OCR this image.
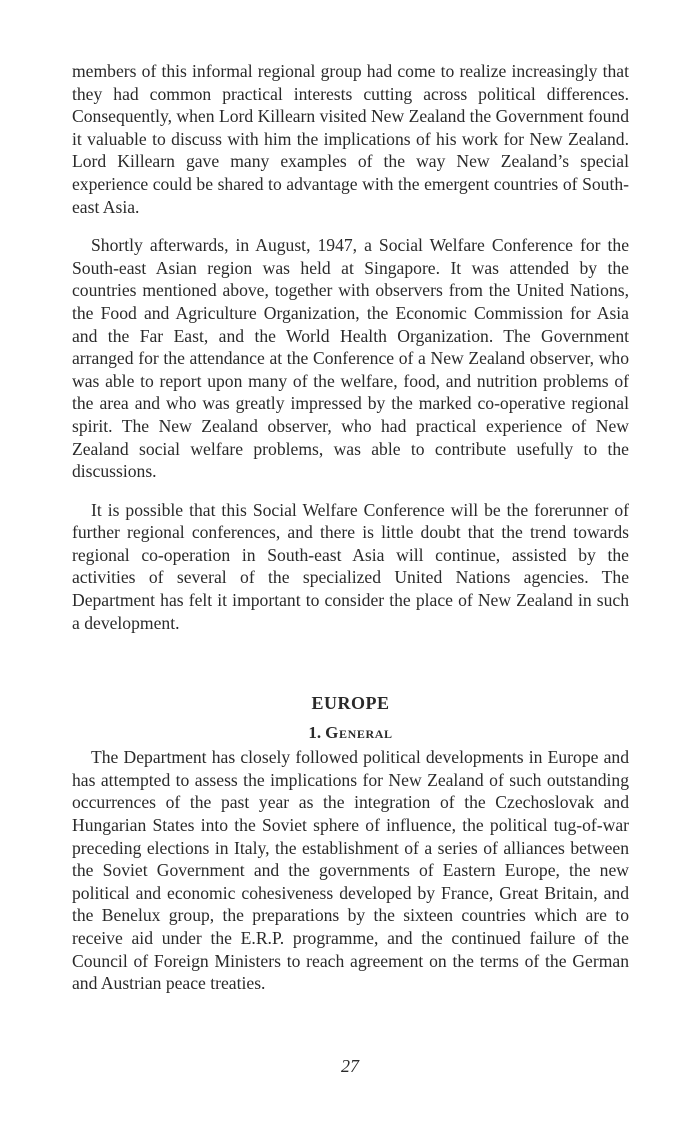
members of this informal regional group had come to realize increasingly that they had common practical interests cutting across political differences. Consequently, when Lord Killearn visited New Zealand the Government found it valuable to discuss with him the implications of his work for New Zealand. Lord Killearn gave many examples of the way New Zealand’s special experience could be shared to advantage with the emergent countries of South-east Asia.

Shortly afterwards, in August, 1947, a Social Welfare Conference for the South-east Asian region was held at Singapore. It was attended by the countries mentioned above, together with observers from the United Nations, the Food and Agriculture Organization, the Economic Commission for Asia and the Far East, and the World Health Organization. The Government arranged for the attendance at the Conference of a New Zealand observer, who was able to report upon many of the welfare, food, and nutrition problems of the area and who was greatly impressed by the marked co-operative regional spirit. The New Zealand observer, who had practical experience of New Zealand social welfare problems, was able to contribute usefully to the discussions.

It is possible that this Social Welfare Conference will be the forerunner of further regional conferences, and there is little doubt that the trend towards regional co-operation in South-east Asia will continue, assisted by the activities of several of the specialized United Nations agencies. The Department has felt it important to consider the place of New Zealand in such a development.

EUROPE
1. General

The Department has closely followed political developments in Europe and has attempted to assess the implications for New Zealand of such outstanding occurrences of the past year as the integration of the Czechoslovak and Hungarian States into the Soviet sphere of influence, the political tug-of-war preceding elections in Italy, the establishment of a series of alliances between the Soviet Government and the governments of Eastern Europe, the new political and economic cohesiveness developed by France, Great Britain, and the Benelux group, the preparations by the sixteen countries which are to receive aid under the E.R.P. programme, and the continued failure of the Council of Foreign Ministers to reach agreement on the terms of the German and Austrian peace treaties.

27
